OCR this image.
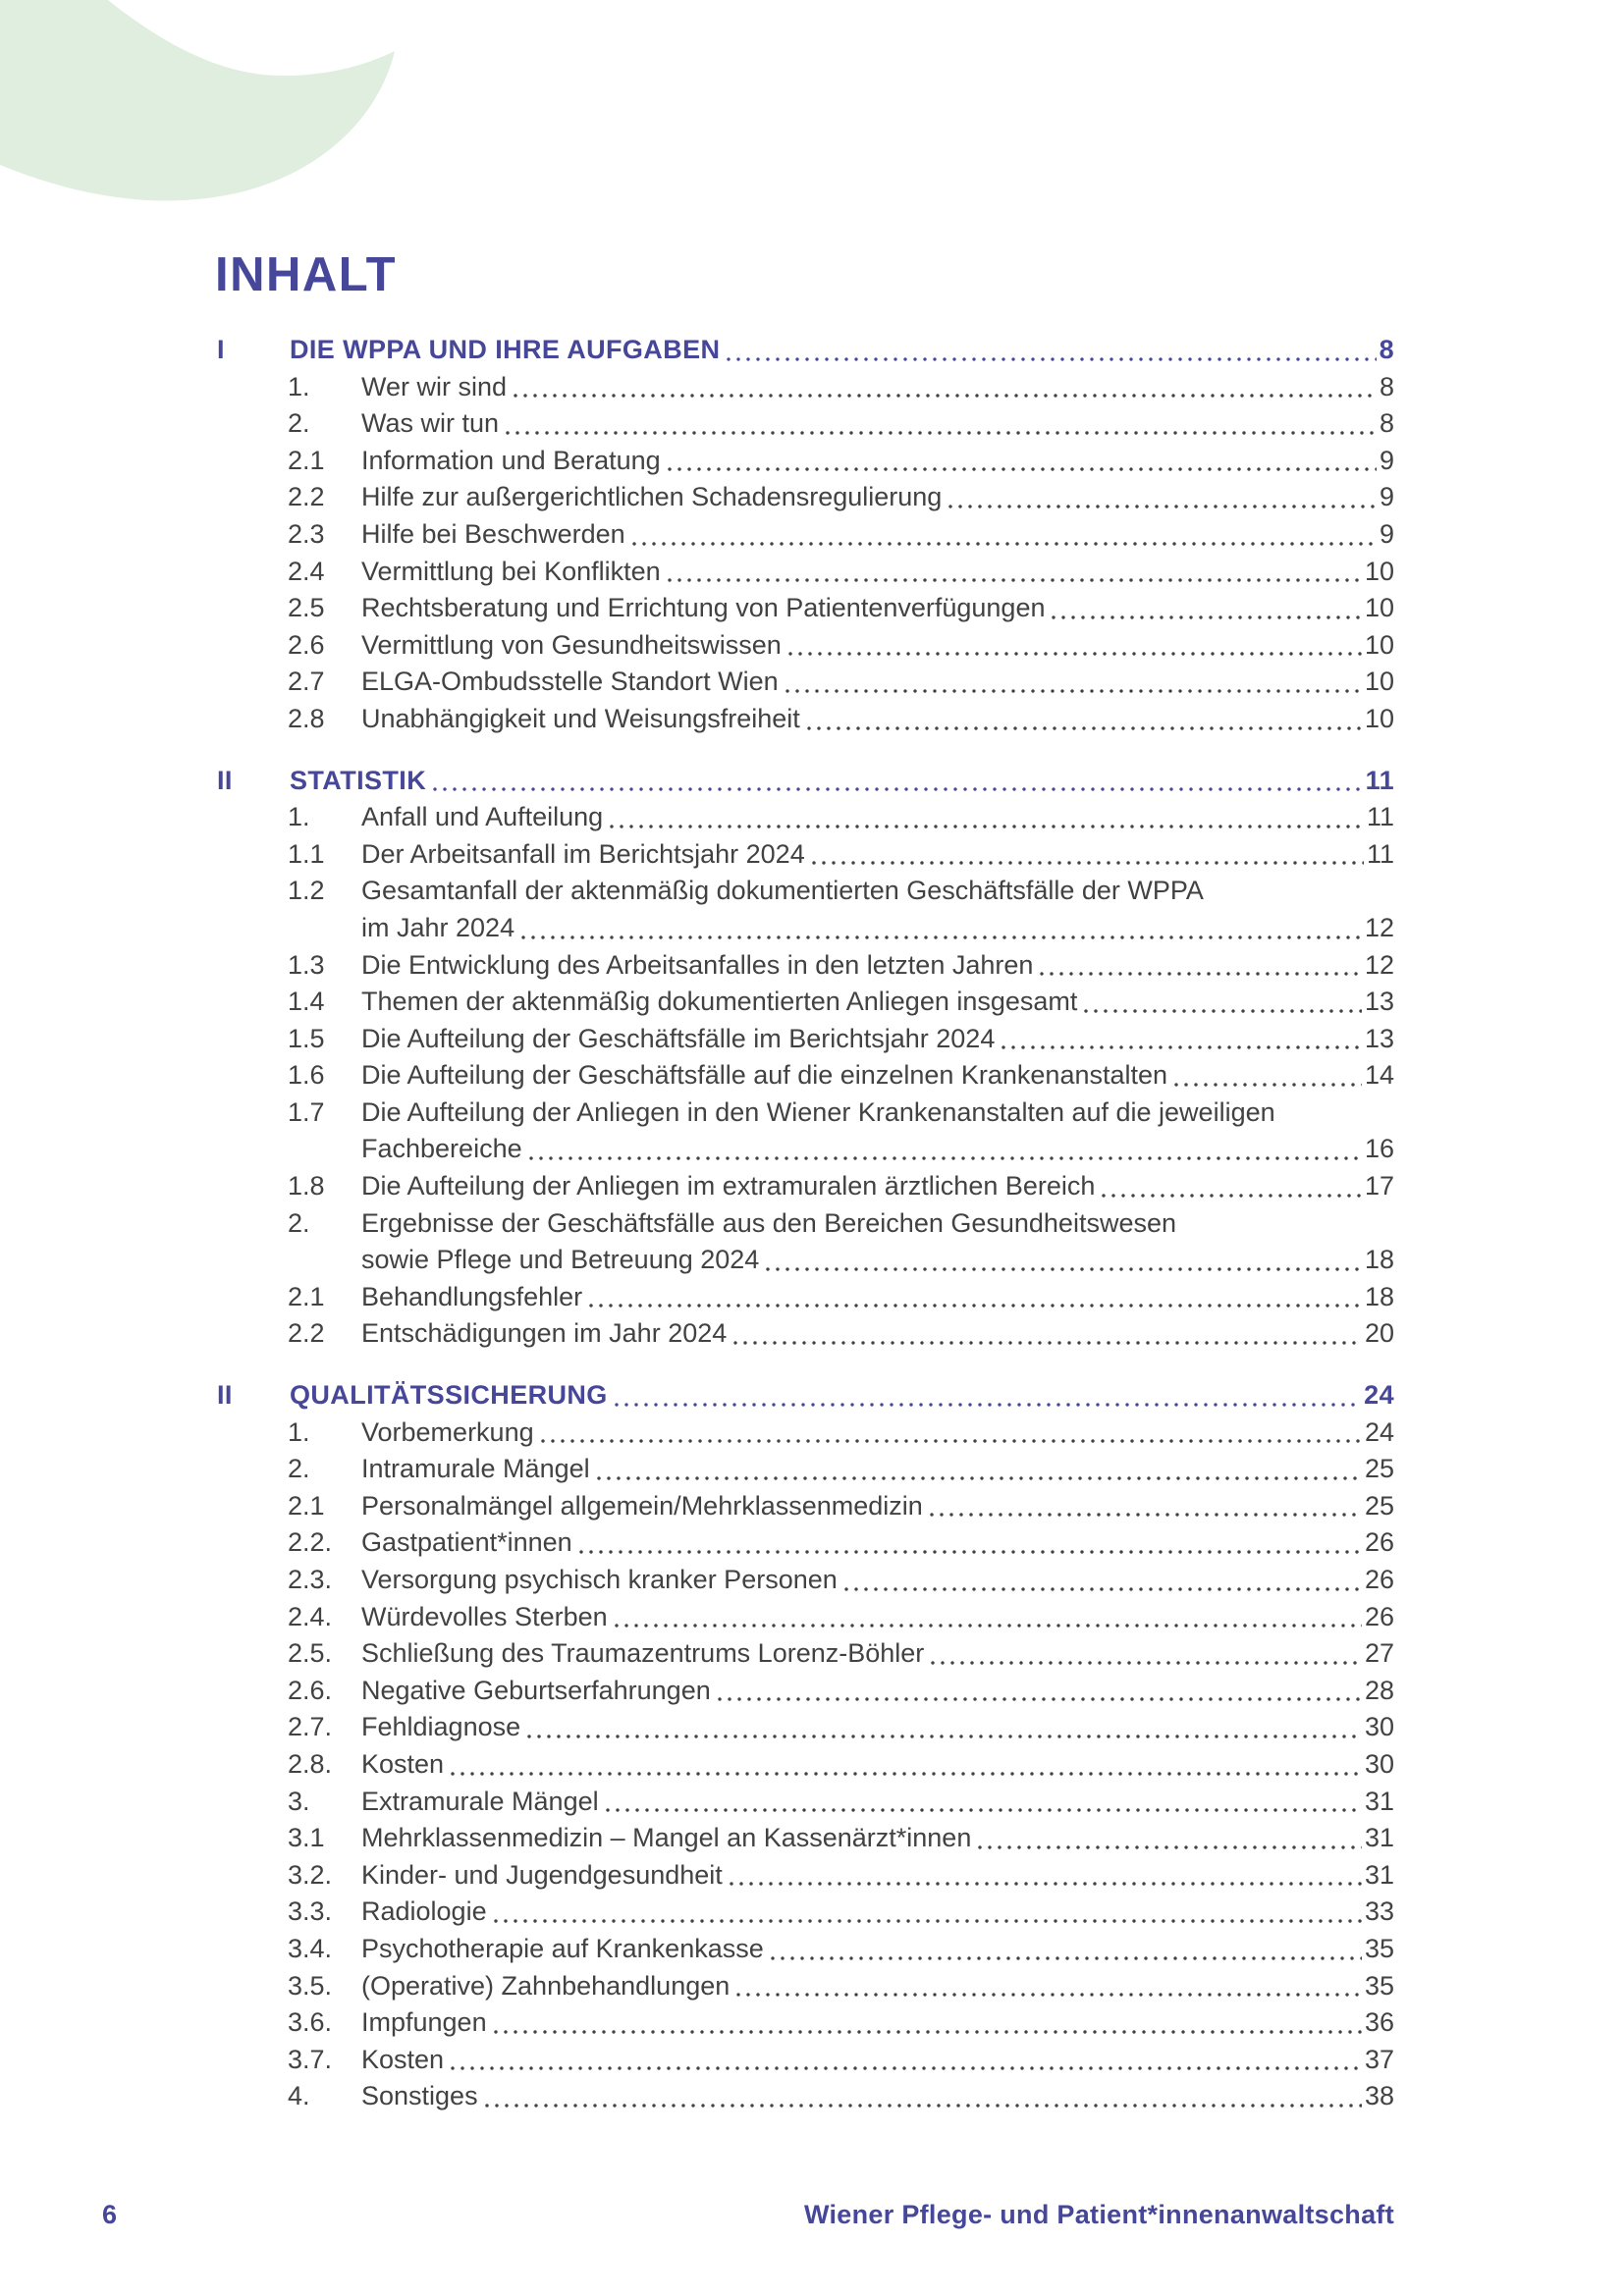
INHALT
I	DIE WPPA UND IHRE AUFGABEN	8
1.	Wer wir sind	8
2.	Was wir tun	8
2.1	Information und Beratung	9
2.2	Hilfe zur außergerichtlichen Schadensregulierung	9
2.3	Hilfe bei Beschwerden	9
2.4	Vermittlung bei Konflikten	10
2.5	Rechtsberatung und Errichtung von Patientenverfügungen	10
2.6	Vermittlung von Gesundheitswissen	10
2.7	ELGA-Ombudsstelle Standort Wien	10
2.8	Unabhängigkeit und Weisungsfreiheit	10
II	STATISTIK	11
1.	Anfall und Aufteilung	11
1.1	Der Arbeitsanfall im Berichtsjahr 2024	11
1.2	Gesamtanfall der aktenmäßig dokumentierten Geschäftsfälle der WPPA
im Jahr 2024	12
1.3	Die Entwicklung des Arbeitsanfalles in den letzten Jahren	12
1.4	Themen der aktenmäßig dokumentierten Anliegen insgesamt	13
1.5	Die Aufteilung der Geschäftsfälle im Berichtsjahr 2024	13
1.6	Die Aufteilung der Geschäftsfälle auf die einzelnen Krankenanstalten	14
1.7	Die Aufteilung der Anliegen in den Wiener Krankenanstalten auf die jeweiligen
Fachbereiche	16
1.8	Die Aufteilung der Anliegen im extramuralen ärztlichen Bereich	17
2.	Ergebnisse der Geschäftsfälle aus den Bereichen Gesundheitswesen
sowie Pflege und Betreuung 2024	18
2.1	Behandlungsfehler	18
2.2	Entschädigungen im Jahr 2024	20
II	QUALITÄTSSICHERUNG	24
1.	Vorbemerkung	24
2.	Intramurale Mängel	25
2.1	Personalmängel allgemein/Mehrklassenmedizin	25
2.2.	Gastpatient*innen	26
2.3.	Versorgung psychisch kranker Personen	26
2.4.	Würdevolles Sterben	26
2.5.	Schließung des Traumazentrums Lorenz-Böhler	27
2.6.	Negative Geburtserfahrungen	28
2.7.	Fehldiagnose	30
2.8.	Kosten	30
3.	Extramurale Mängel	31
3.1	Mehrklassenmedizin – Mangel an Kassenärzt*innen	31
3.2.	Kinder- und Jugendgesundheit	31
3.3.	Radiologie	33
3.4.	Psychotherapie auf Krankenkasse	35
3.5.	(Operative) Zahnbehandlungen	35
3.6.	Impfungen	36
3.7.	Kosten	37
4.	Sonstiges	38
6	Wiener Pflege- und Patient*innenanwaltschaft
